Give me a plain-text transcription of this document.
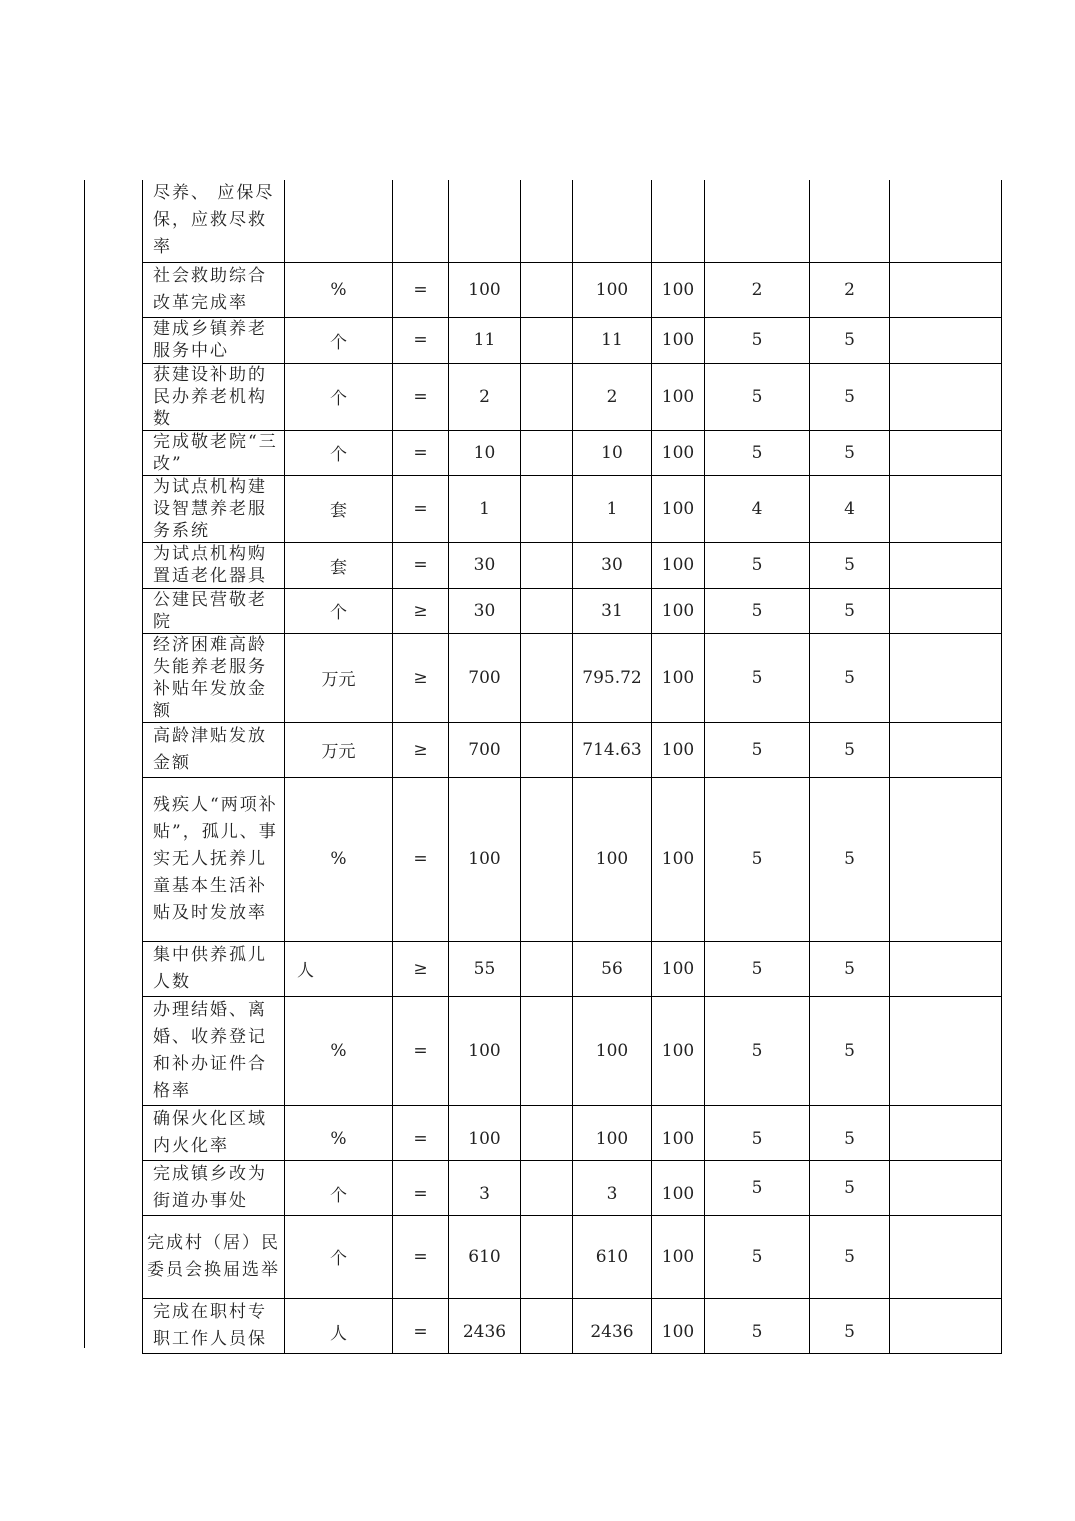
尽养、 应保尽保，应救尽救率									
社会救助综合改革完成率	%	=	100		100	100	2	2	
建成乡镇养老服务中心	个	=	11		11	100	5	5	
获建设补助的民办养老机构数	个	=	2		2	100	5	5	
完成敬老院“三改”	个	=	10		10	100	5	5	
为试点机构建设智慧养老服务系统	套	=	1		1	100	4	4	
为试点机构购置适老化器具	套	=	30		30	100	5	5	
公建民营敬老院	个	≥	30		31	100	5	5	
经济困难高龄失能养老服务补贴年发放金额	万元	≥	700		795.72	100	5	5	
高龄津贴发放金额	万元	≥	700		714.63	100	5	5	
残疾人“两项补贴”，孤儿、事实无人抚养儿童基本生活补贴及时发放率	%	=	100		100	100	5	5	
集中供养孤儿人数	人	≥	55		56	100	5	5	
办理结婚、离婚、收养登记和补办证件合格率	%	=	100		100	100	5	5	
确保火化区域内火化率	%	=	100		100	100	5	5	
完成镇乡改为街道办事处	个	=	3		3	100	5	5	
完成村（居）民委员会换届选举	个	=	610		610	100	5	5	
完成在职村专职工作人员保	人	=	2436		2436	100	5	5	
